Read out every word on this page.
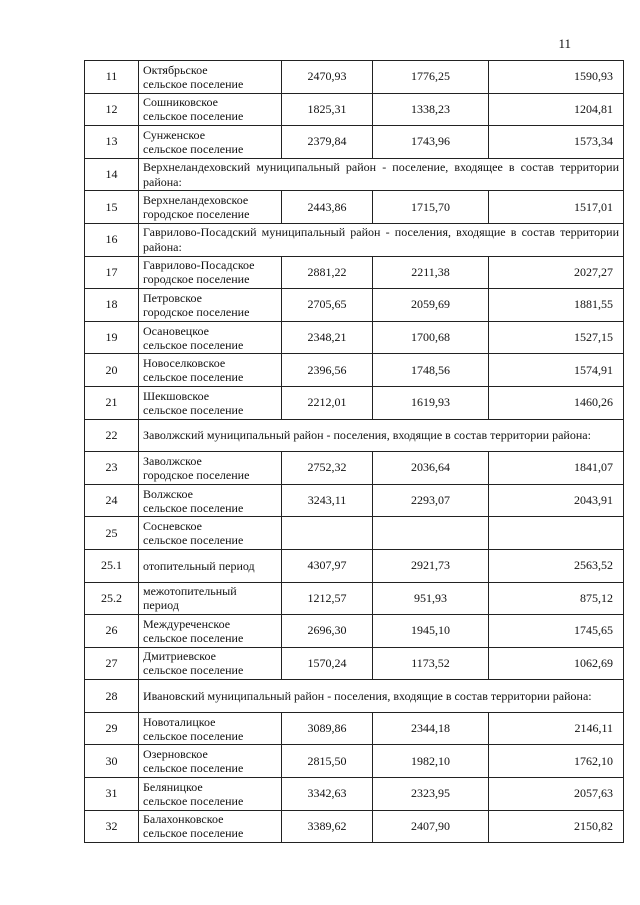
11
11	Октябрьское
сельское поселение	2470,93	1776,25	1590,93
12	Сошниковское
сельское поселение	1825,31	1338,23	1204,81
13	Сунженское
сельское поселение	2379,84	1743,96	1573,34
14	Верхнеландеховский муниципальный район - поселение, входящее в состав территории района:			
15	Верхнеландеховское
городское поселение	2443,86	1715,70	1517,01
16	Гаврилово-Посадский муниципальный район - поселения, входящие в состав территории района:			
17	Гаврилово-Посадское
городское поселение	2881,22	2211,38	2027,27
18	Петровское
городское поселение	2705,65	2059,69	1881,55
19	Осановецкое
сельское поселение	2348,21	1700,68	1527,15
20	Новоселковское
сельское поселение	2396,56	1748,56	1574,91
21	Шекшовское
сельское поселение	2212,01	1619,93	1460,26
22	Заволжский муниципальный район - поселения, входящие в состав территории района:			
23	Заволжское
городское поселение	2752,32	2036,64	1841,07
24	Волжское
сельское поселение	3243,11	2293,07	2043,91
25	Сосневское
сельское поселение			

25.1	отопительный период	4307,97	2921,73	2563,52
25.2	межотопительный
период	1212,57	951,93	875,12
26	Междуреченское
сельское поселение	2696,30	1945,10	1745,65
27	Дмитриевское
сельское поселение	1570,24	1173,52	1062,69
28	Ивановский муниципальный район - поселения, входящие в состав территории района:			
29	Новоталицкое
сельское поселение	3089,86	2344,18	2146,11
30	Озерновское
сельское поселение	2815,50	1982,10	1762,10
31	Беляницкое
сельское поселение	3342,63	2323,95	2057,63
32	Балахонковское
сельское поселение	3389,62	2407,90	2150,82
